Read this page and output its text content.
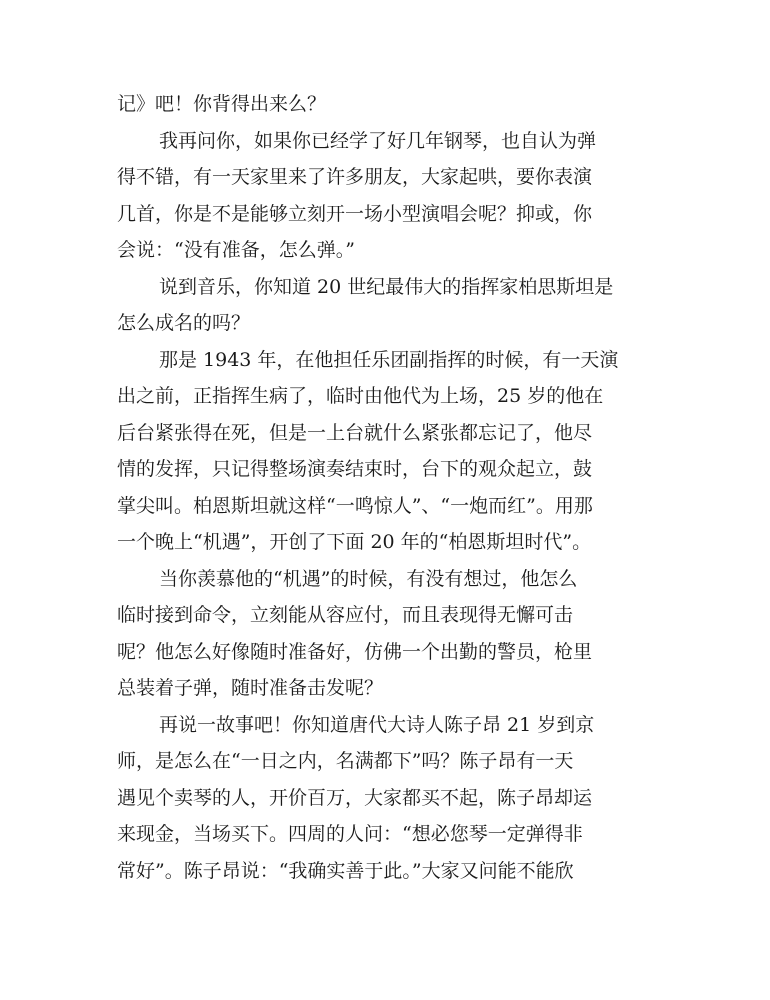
记》吧！你背得出来么？
我再问你，如果你已经学了好几年钢琴，也自认为弹
得不错，有一天家里来了许多朋友，大家起哄，要你表演
几首，你是不是能够立刻开一场小型演唱会呢？抑或，你
会说：“没有准备，怎么弹。”
说到音乐，你知道 20 世纪最伟大的指挥家柏思斯坦是
怎么成名的吗？
那是 1943 年，在他担任乐团副指挥的时候，有一天演
出之前，正指挥生病了，临时由他代为上场，25 岁的他在
后台紧张得在死，但是一上台就什么紧张都忘记了，他尽
情的发挥，只记得整场演奏结束时，台下的观众起立，鼓
掌尖叫。柏恩斯坦就这样“一鸣惊人”、“一炮而红”。用那
一个晚上“机遇”，开创了下面 20 年的“柏恩斯坦时代”。
当你羡慕他的“机遇”的时候，有没有想过，他怎么
临时接到命令，立刻能从容应付，而且表现得无懈可击
呢？他怎么好像随时准备好，仿佛一个出勤的警员，枪里
总装着子弹，随时准备击发呢？
再说一故事吧！你知道唐代大诗人陈子昂 21 岁到京
师，是怎么在“一日之内，名满都下”吗？陈子昂有一天
遇见个卖琴的人，开价百万，大家都买不起，陈子昂却运
来现金，当场买下。四周的人问：“想必您琴一定弹得非
常好”。陈子昂说：“我确实善于此。”大家又问能不能欣
